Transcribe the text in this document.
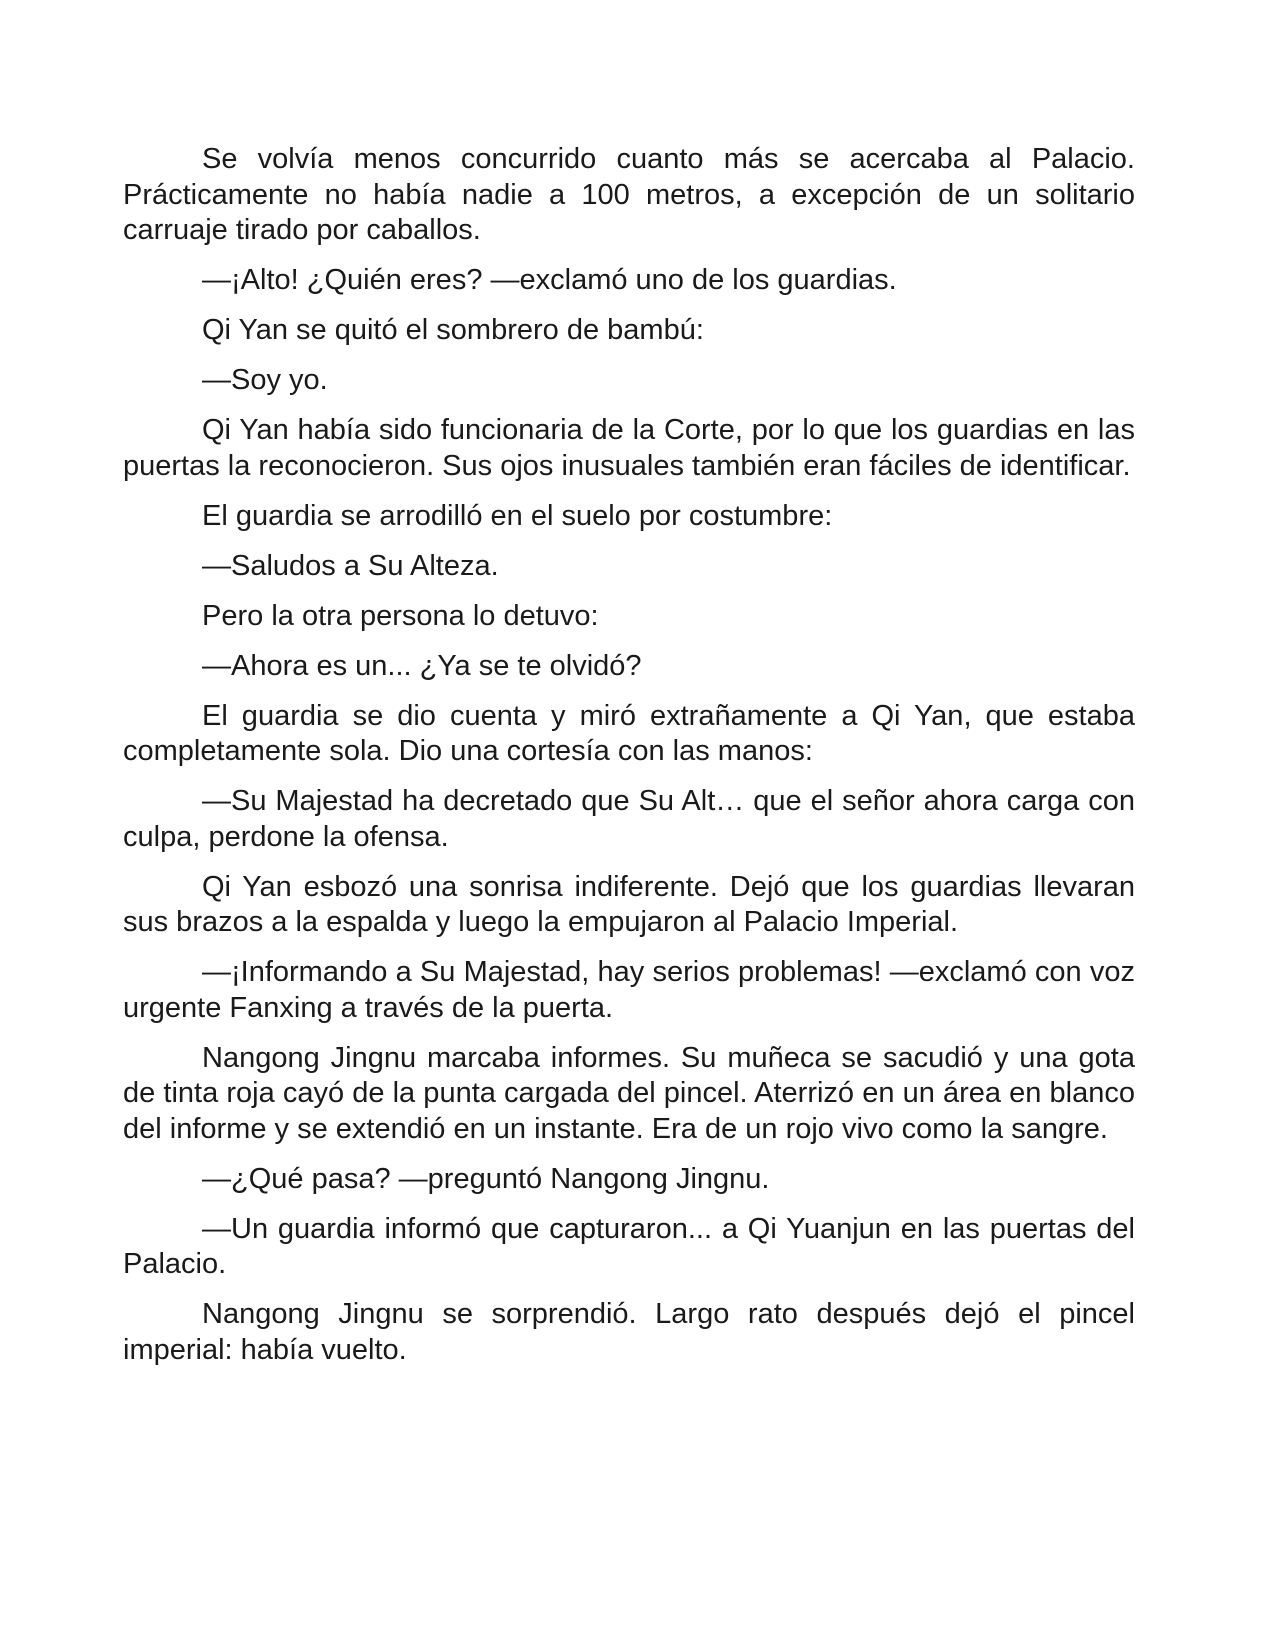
Se volvía menos concurrido cuanto más se acercaba al Palacio. Prácticamente no había nadie a 100 metros, a excepción de un solitario carruaje tirado por caballos.

—¡Alto! ¿Quién eres? —exclamó uno de los guardias.

Qi Yan se quitó el sombrero de bambú:

—Soy yo.

Qi Yan había sido funcionaria de la Corte, por lo que los guardias en las puertas la reconocieron. Sus ojos inusuales también eran fáciles de identificar.

El guardia se arrodilló en el suelo por costumbre:

—Saludos a Su Alteza.

Pero la otra persona lo detuvo:

—Ahora es un... ¿Ya se te olvidó?

El guardia se dio cuenta y miró extrañamente a Qi Yan, que estaba completamente sola. Dio una cortesía con las manos:

—Su Majestad ha decretado que Su Alt… que el señor ahora carga con culpa, perdone la ofensa.

Qi Yan esbozó una sonrisa indiferente. Dejó que los guardias llevaran sus brazos a la espalda y luego la empujaron al Palacio Imperial.

—¡Informando a Su Majestad, hay serios problemas! —exclamó con voz urgente Fanxing a través de la puerta.

Nangong Jingnu marcaba informes. Su muñeca se sacudió y una gota de tinta roja cayó de la punta cargada del pincel. Aterrizó en un área en blanco del informe y se extendió en un instante. Era de un rojo vivo como la sangre.

—¿Qué pasa? —preguntó Nangong Jingnu.

—Un guardia informó que capturaron... a Qi Yuanjun en las puertas del Palacio.

Nangong Jingnu se sorprendió. Largo rato después dejó el pincel imperial: había vuelto.
